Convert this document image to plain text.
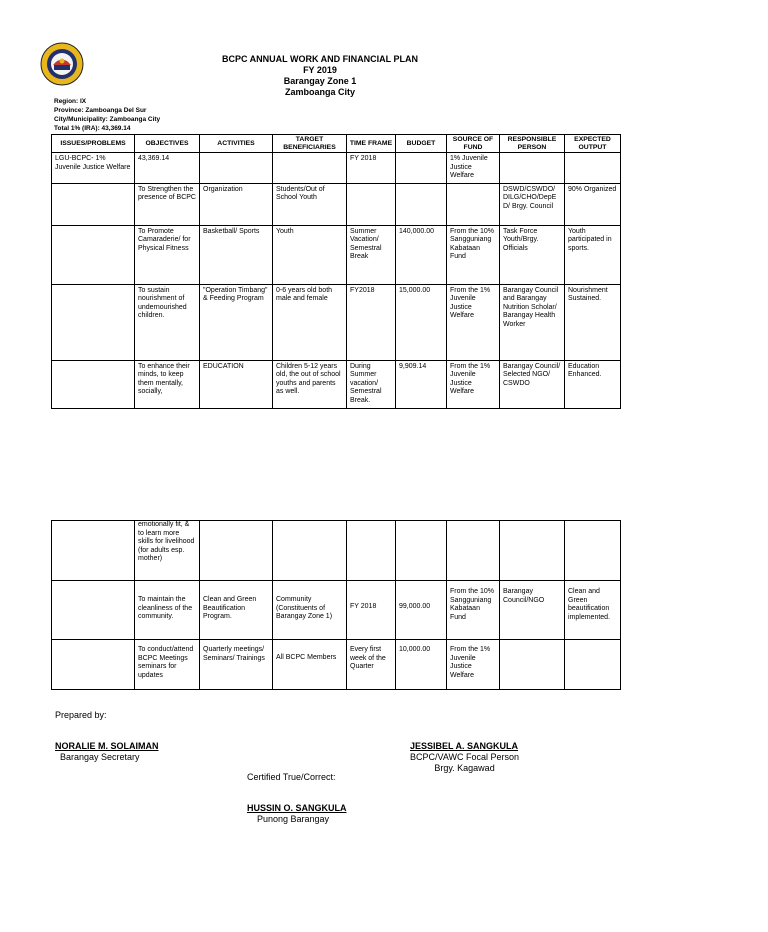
BCPC ANNUAL WORK AND FINANCIAL PLAN
FY 2019
Barangay Zone 1
Zamboanga City
Region: IX
Province: Zamboanga Del Sur
City/Municipality: Zamboanga City
Total 1% (IRA): 43,369.14
ISSUES/PROBLEMS	OBJECTIVES	ACTIVITIES	TARGET BENEFICIARIES	TIME FRAME	BUDGET	SOURCE OF FUND	RESPONSIBLE PERSON	EXPECTED OUTPUT
LGU-BCPC- 1% Juvenile Justice Welfare	43,369.14			FY 2018		1% Juvenile Justice Welfare		
	To Strengthen the presence of BCPC	Organization	Students/Out of School Youth				DSWD/CSWDO/ DILG/CHO/DepE D/ Brgy. Council	90% Organized
	To Promote Camaraderie/ for Physical Fitness	Basketball/ Sports	Youth	Summer Vacation/ Semestral Break	140,000.00	From the 10% Sangguniang Kabataan Fund	Task Force Youth/Brgy. Officials	Youth participated in sports.
	To sustain nourishment of undernourished children.	"Operation Timbang" & Feeding Program	0-6 years old both male and female	FY2018	15,000.00	From the 1% Juvenile Justice Welfare	Barangay Council and Barangay Nutrition Scholar/ Barangay Health Worker	Nourishment Sustained.
	To enhance their minds, to keep them mentally, socially,	EDUCATION	Children 5-12 years old, the out of school youths and parents as well.	During Summer vacation/ Semestral Break.	9,909.14	From the 1% Juvenile Justice Welfare	Barangay Council/ Selected NGO/ CSWDO	Education Enhanced.
	emotionally fit, & to learn more skills for livelihood (for adults esp. mother)							
	To maintain the cleanliness of the community.	Clean and Green Beautification Program.	Community (Constituents of Barangay Zone 1)	FY 2018	99,000.00	From the 10% Sangguniang Kabataan Fund	Barangay Council/NGO	Clean and Green beautification implemented.
	To conduct/attend BCPC Meetings seminars for updates	Quarterly meetings/ Seminars/ Trainings	All BCPC Members	Every first week of the Quarter	10,000.00	From the 1% Juvenile Justice Welfare		
Prepared by:
NORALIE M. SOLAIMAN
Barangay Secretary
JESSIBEL A. SANGKULA
BCPC/VAWC Focal Person
Brgy. Kagawad
Certified True/Correct:
HUSSIN O. SANGKULA
Punong Barangay
